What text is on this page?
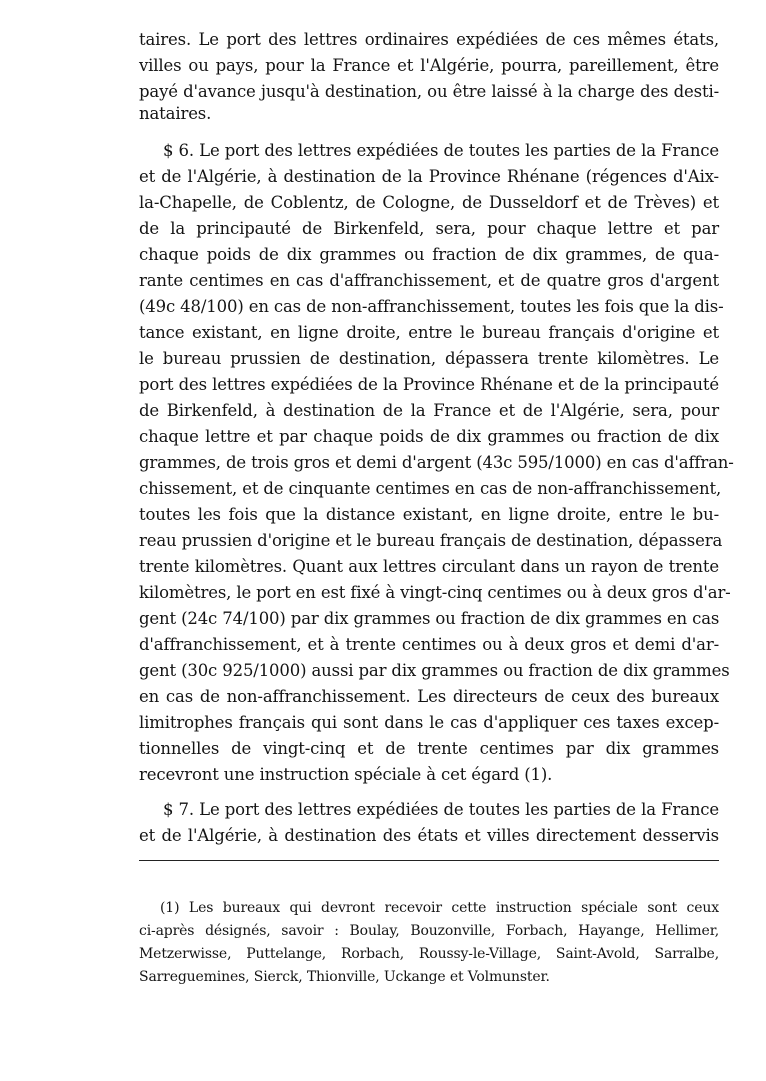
taires. Le port des lettres ordinaires expédiées de ces mêmes états,
villes ou pays, pour la France et l'Algérie, pourra, pareillement, être
payé d'avance jusqu'à destination, ou être laissé à la charge des desti-
nataires.
$ 6. Le port des lettres expédiées de toutes les parties de la France
et de l'Algérie, à destination de la Province Rhénane (régences d'Aix-
la-Chapelle, de Coblentz, de Cologne, de Dusseldorf et de Trèves) et
de la principauté de Birkenfeld, sera, pour chaque lettre et par
chaque poids de dix grammes ou fraction de dix grammes, de qua-
rante centimes en cas d'affranchissement, et de quatre gros d'argent
(49c 48/100) en cas de non-affranchissement, toutes les fois que la dis-
tance existant, en ligne droite, entre le bureau français d'origine et
le bureau prussien de destination, dépassera trente kilomètres. Le
port des lettres expédiées de la Province Rhénane et de la principauté
de Birkenfeld, à destination de la France et de l'Algérie, sera, pour
chaque lettre et par chaque poids de dix grammes ou fraction de dix
grammes, de trois gros et demi d'argent (43c 595/1000) en cas d'affran-
chissement, et de cinquante centimes en cas de non-affranchissement,
toutes les fois que la distance existant, en ligne droite, entre le bu-
reau prussien d'origine et le bureau français de destination, dépassera
trente kilomètres. Quant aux lettres circulant dans un rayon de trente
kilomètres, le port en est fixé à vingt-cinq centimes ou à deux gros d'ar-
gent (24c 74/100) par dix grammes ou fraction de dix grammes en cas
d'affranchissement, et à trente centimes ou à deux gros et demi d'ar-
gent (30c 925/1000) aussi par dix grammes ou fraction de dix grammes
en cas de non-affranchissement. Les directeurs de ceux des bureaux
limitrophes français qui sont dans le cas d'appliquer ces taxes excep-
tionnelles de vingt-cinq et de trente centimes par dix grammes
recevront une instruction spéciale à cet égard (1).
$ 7. Le port des lettres expédiées de toutes les parties de la France
et de l'Algérie, à destination des états et villes directement desservis
(1) Les bureaux qui devront recevoir cette instruction spéciale sont ceux
ci-après désignés, savoir : Boulay, Bouzonville, Forbach, Hayange, Hellimer,
Metzerwisse, Puttelange, Rorbach, Roussy-le-Village, Saint-Avold, Sarralbe,
Sarreguemines, Sierck, Thionville, Uckange et Volmunster.
